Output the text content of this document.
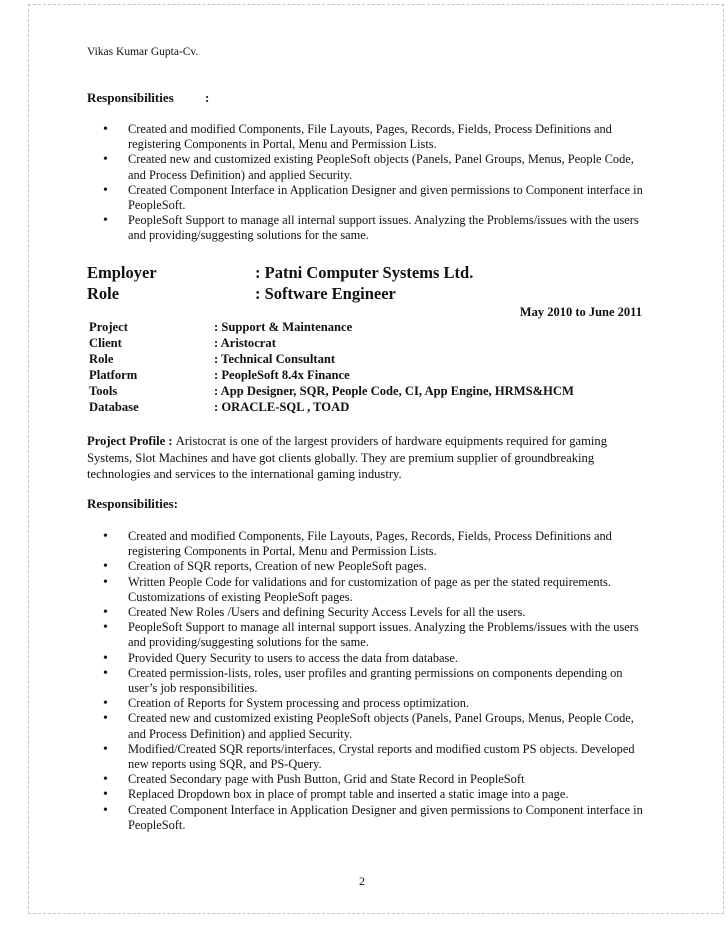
Vikas Kumar Gupta-Cv.
Responsibilities :
• Created and modified Components, File Layouts, Pages, Records, Fields, Process Definitions and registering Components in Portal, Menu and Permission Lists.
• Created new and customized existing PeopleSoft objects (Panels, Panel Groups, Menus, People Code, and Process Definition) and applied Security.
• Created Component Interface in Application Designer and given permissions to Component interface in PeopleSoft.
• PeopleSoft Support to manage all internal support issues. Analyzing the Problems/issues with the users and providing/suggesting solutions for the same.
Employer	: Patni Computer Systems Ltd.
Role	: Software Engineer
May 2010 to June 2011
Project	: Support & Maintenance
Client	: Aristocrat
Role	: Technical Consultant
Platform	: PeopleSoft 8.4x Finance
Tools	: App Designer, SQR, People Code, CI, App Engine, HRMS&HCM
Database	: ORACLE-SQL , TOAD
Project Profile : Aristocrat is one of the largest providers of hardware equipments required for gaming Systems, Slot Machines and have got clients globally. They are premium supplier of groundbreaking technologies and services to the international gaming industry.
Responsibilities:
• Created and modified Components, File Layouts, Pages, Records, Fields, Process Definitions and registering Components in Portal, Menu and Permission Lists.
• Creation of SQR reports, Creation of new PeopleSoft pages.
• Written People Code for validations and for customization of page as per the stated requirements. Customizations of existing PeopleSoft pages.
• Created New Roles /Users and defining Security Access Levels for all the users.
• PeopleSoft Support to manage all internal support issues. Analyzing the Problems/issues with the users and providing/suggesting solutions for the same.
• Provided Query Security to users to access the data from database.
• Created permission-lists, roles, user profiles and granting permissions on components depending on user’s job responsibilities.
• Creation of Reports for System processing and process optimization.
• Created new and customized existing PeopleSoft objects (Panels, Panel Groups, Menus, People Code, and Process Definition) and applied Security.
• Modified/Created SQR reports/interfaces, Crystal reports and modified custom PS objects. Developed new reports using SQR, and PS-Query.
• Created Secondary page with Push Button, Grid and State Record in PeopleSoft
• Replaced Dropdown box in place of prompt table and inserted a static image into a page.
• Created Component Interface in Application Designer and given permissions to Component interface in PeopleSoft.
2
